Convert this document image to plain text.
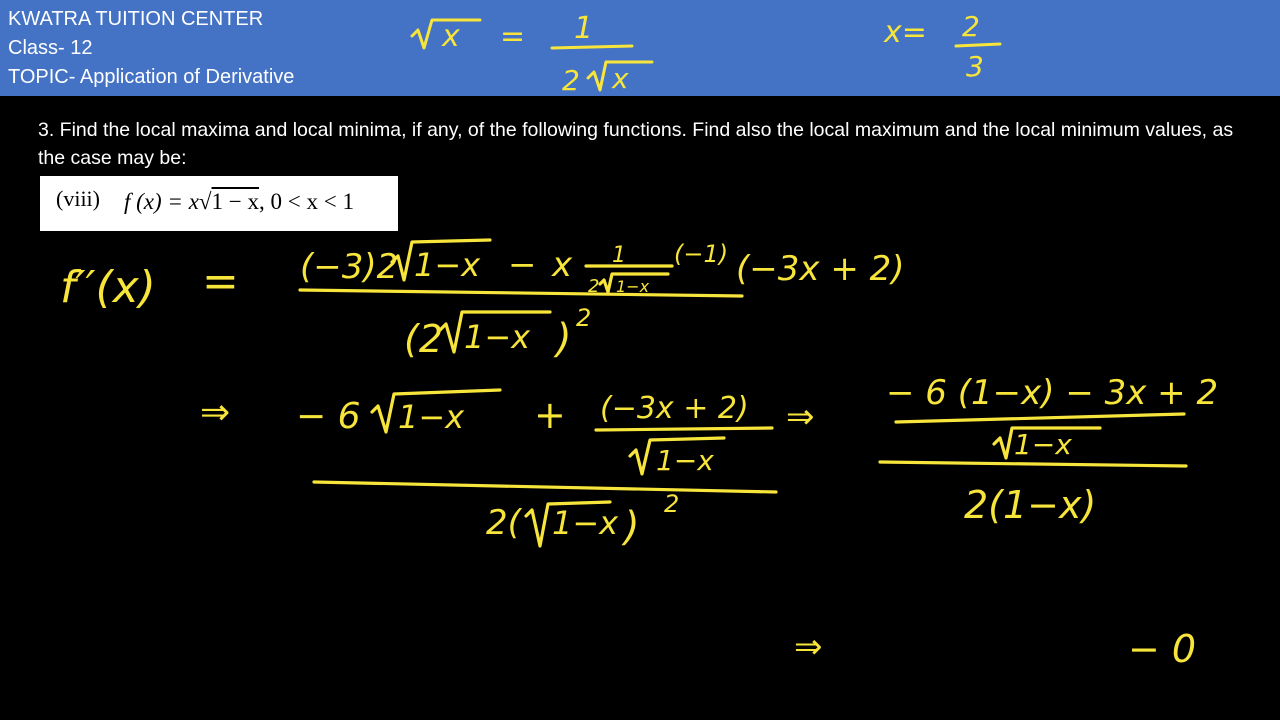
KWATRA TUITION CENTER
Class- 12
TOPIC- Application of Derivative
x = 1
2 x
x= 2
3
3. Find the local maxima and local minima, if any, of the following functions. Find also the local maximum and the local minimum values, as the case may be:
(viii) f (x) = x√1 − x, 0 < x < 1
f′′(x) = (−3)2 1−x − x 1
2 1−x
(−1) (−3x + 2)
(2 1−x ) 2
⇒ − 6 1−x + (−3x + 2)
1−x
2( 1−x ) 2
⇒
− 6 (1−x) − 3x + 2
1−x
2(1−x)
⇒	− 0
